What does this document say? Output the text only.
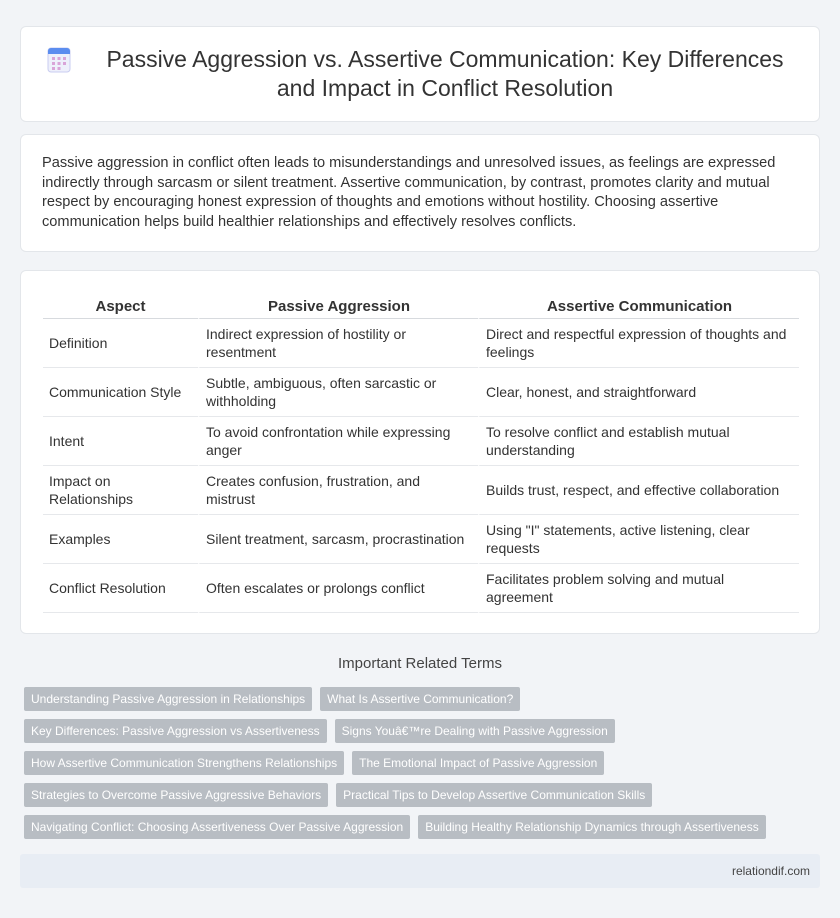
Passive Aggression vs. Assertive Communication: Key Differences and Impact in Conflict Resolution

Passive aggression in conflict often leads to misunderstandings and unresolved issues, as feelings are expressed indirectly through sarcasm or silent treatment. Assertive communication, by contrast, promotes clarity and mutual respect by encouraging honest expression of thoughts and emotions without hostility. Choosing assertive communication helps build healthier relationships and effectively resolves conflicts.

Aspect	Passive Aggression	Assertive Communication
Definition	Indirect expression of hostility or resentment	Direct and respectful expression of thoughts and feelings
Communication Style	Subtle, ambiguous, often sarcastic or withholding	Clear, honest, and straightforward
Intent	To avoid confrontation while expressing anger	To resolve conflict and establish mutual understanding
Impact on Relationships	Creates confusion, frustration, and mistrust	Builds trust, respect, and effective collaboration
Examples	Silent treatment, sarcasm, procrastination	Using "I" statements, active listening, clear requests
Conflict Resolution	Often escalates or prolongs conflict	Facilitates problem solving and mutual agreement
Important Related Terms
Understanding Passive Aggression in Relationships	What Is Assertive Communication?
Key Differences: Passive Aggression vs Assertiveness	Signs Youâ€™re Dealing with Passive Aggression
How Assertive Communication Strengthens Relationships	The Emotional Impact of Passive Aggression
Strategies to Overcome Passive Aggressive Behaviors	Practical Tips to Develop Assertive Communication Skills
Navigating Conflict: Choosing Assertiveness Over Passive Aggression	Building Healthy Relationship Dynamics through Assertiveness
relationdif.com
